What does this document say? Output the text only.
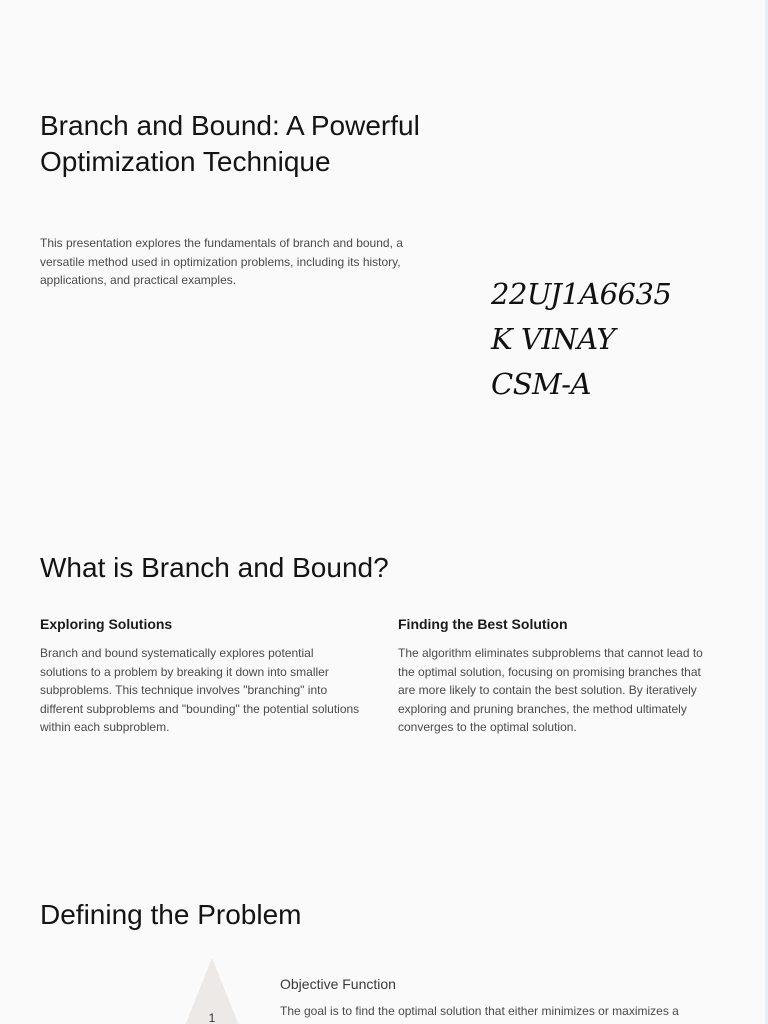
Branch and Bound: A Powerful Optimization Technique

This presentation explores the fundamentals of branch and bound, a versatile method used in optimization problems, including its history, applications, and practical examples.	22UJ1A6635
K VINAY
CSM-A
What is Branch and Bound?
Exploring Solutions

Branch and bound systematically explores potential solutions to a problem by breaking it down into smaller subproblems. This technique involves "branching" into different subproblems and "bounding" the potential solutions within each subproblem.

Finding the Best Solution

The algorithm eliminates subproblems that cannot lead to the optimal solution, focusing on promising branches that are more likely to contain the best solution. By iteratively exploring and pruning branches, the method ultimately converges to the optimal solution.

Defining the Problem
1
Objective Function

The goal is to find the optimal solution that either minimizes or maximizes a
